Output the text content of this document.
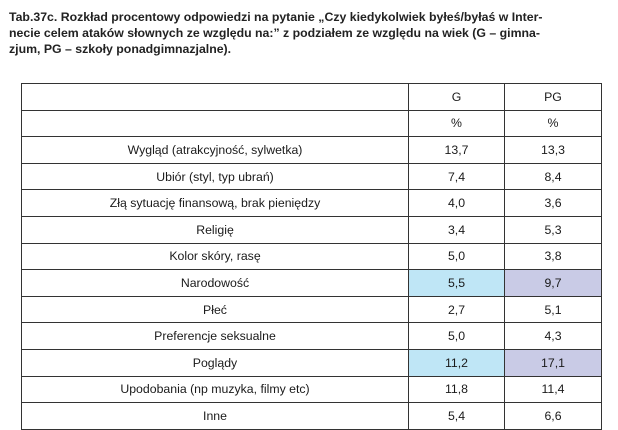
Tab.37c. Rozkład procentowy odpowiedzi na pytanie „Czy kiedykolwiek byłeś/byłaś w Inter-
necie celem ataków słownych ze względu na:” z podziałem ze względu na wiek (G – gimna-
zjum, PG – szkoły ponadgimnazjalne).
	G	PG
	%	%
Wygląd (atrakcyjność, sylwetka)	13,7	13,3
Ubiór (styl, typ ubrań)	7,4	8,4
Złą sytuację finansową, brak pieniędzy	4,0	3,6
Religię	3,4	5,3
Kolor skóry, rasę	5,0	3,8
Narodowość	5,5	9,7
Płeć	2,7	5,1
Preferencje seksualne	5,0	4,3
Poglądy	11,2	17,1
Upodobania (np muzyka, filmy etc)	11,8	11,4
Inne	5,4	6,6
